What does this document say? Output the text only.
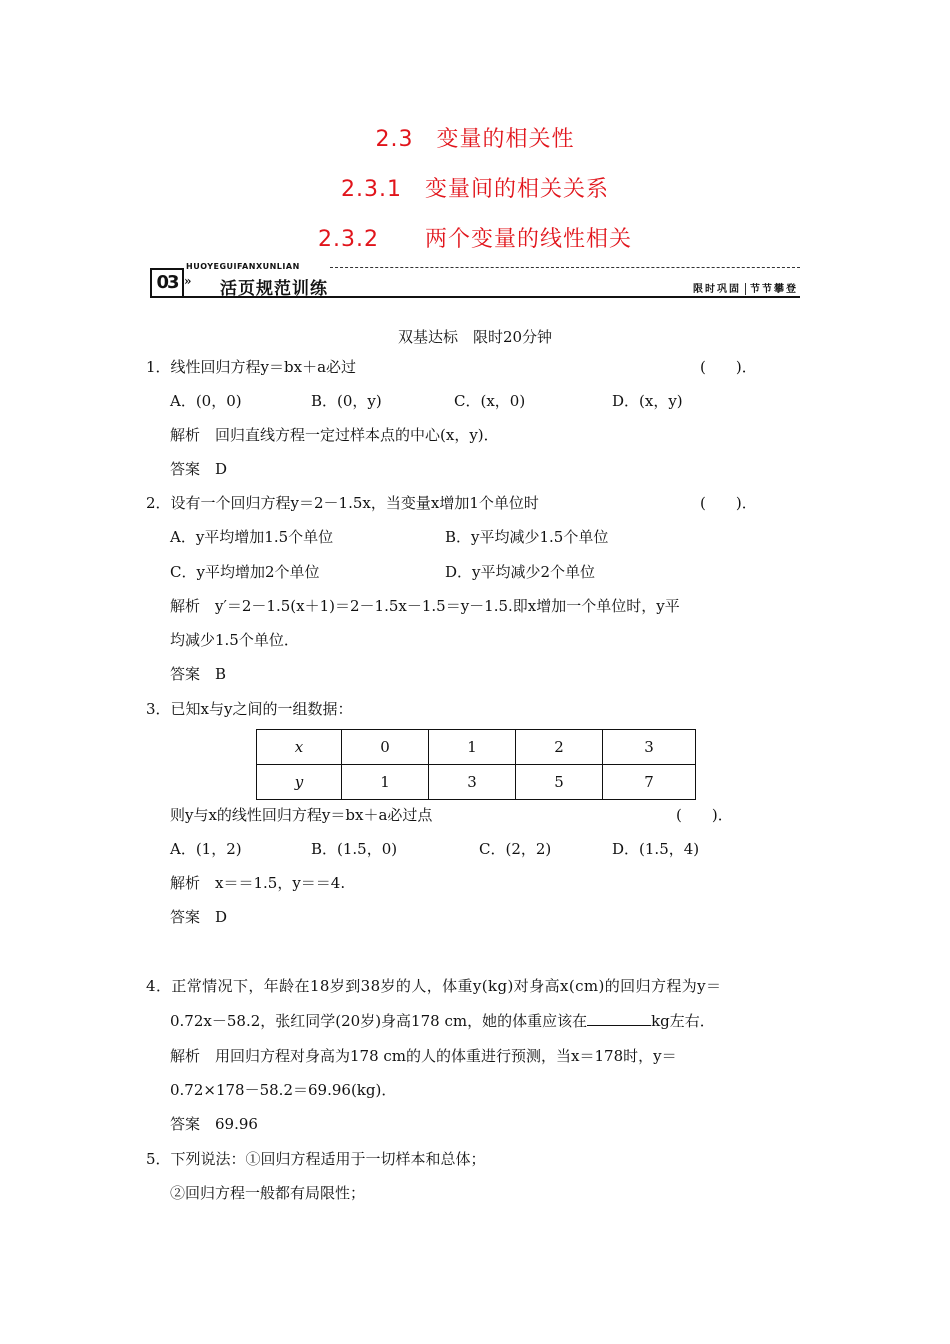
2.3　变量的相关性
2.3.1　变量间的相关关系
2.3.2　　两个变量的线性相关
03 »
HUOYEGUIFANXUNLIAN
活页规范训练	限时巩固 节节攀登
双基达标　限时20分钟
1．线性回归方程y＝bx＋a必过	(　　)．
A．(0，0)	B．(0，y)	C．(x，0)	D．(x，y)
解析　回归直线方程一定过样本点的中心(x，y)．
答案　D
2．设有一个回归方程y＝2－1.5x，当变量x增加1个单位时	(　　)．
A．y平均增加1.5个单位	B．y平均减少1.5个单位
C．y平均增加2个单位	D．y平均减少2个单位
解析　y′＝2－1.5(x＋1)＝2－1.5x－1.5＝y－1.5.即x增加一个单位时，y平
均减少1.5个单位．
答案　B
3．已知x与y之间的一组数据：
x	0	1	2	3
y	1	3	5	7
则y与x的线性回归方程y＝bx＋a必过点	(　　)．
A．(1，2)	B．(1.5，0)	C．(2，2)	D．(1.5，4)
解析　x＝＝1.5，y＝＝4.
答案　D
4．正常情况下，年龄在18岁到38岁的人，体重y(kg)对身高x(cm)的回归方程为y＝
0.72x－58.2，张红同学(20岁)身高178 cm，她的体重应该在	kg左右．
解析　用回归方程对身高为178 cm的人的体重进行预测，当x＝178时，y＝
0.72×178－58.2＝69.96(kg)．
答案　69.96
5．下列说法：①回归方程适用于一切样本和总体；
②回归方程一般都有局限性；
